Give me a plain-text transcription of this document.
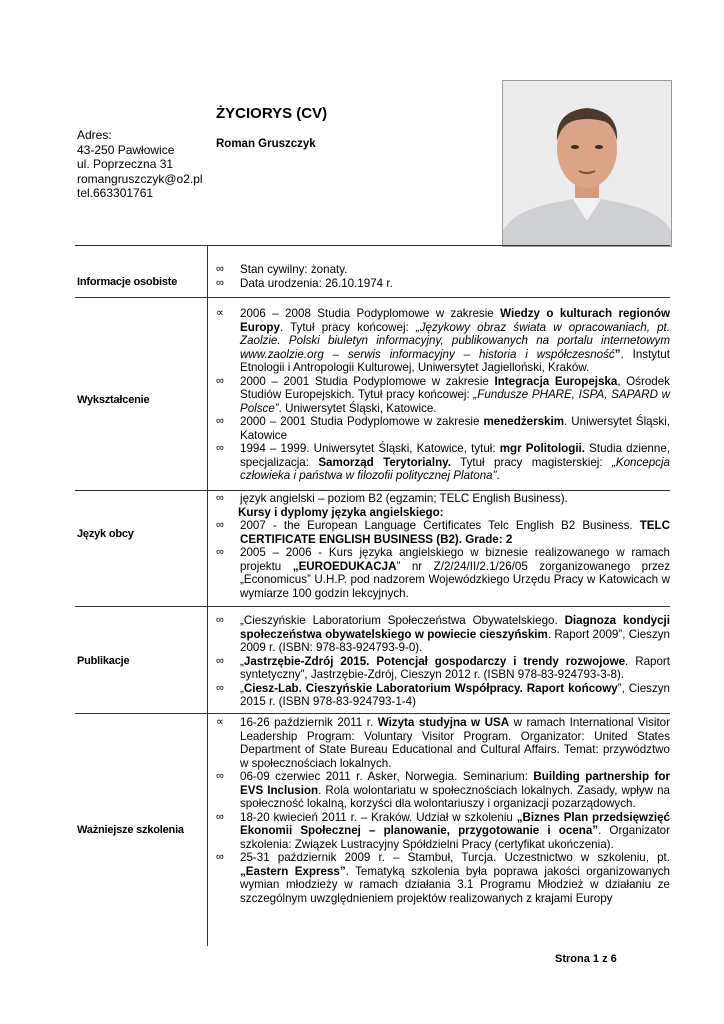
ŻYCIORYS (CV)
Roman Gruszczyk
Adres:
43-250 Pawłowice
ul. Poprzeczna 31
romangruszczyk@o2.pl
tel.663301761
Informacje osobiste
∞	Stan cywilny: żonaty.
∞	Data urodzenia: 26.10.1974 r.
Wykształcenie
∝	2006 – 2008 Studia Podyplomowe w zakresie Wiedzy o kulturach regionów Europy. Tytuł pracy końcowej: „Językowy obraz świata w opracowaniach, pt. Zaolzie. Polski biuletyn informacyjny, publikowanych na portalu internetowym www.zaolzie.org – serwis informacyjny – historia i współczesność”. Instytut Etnologii i Antropologii Kulturowej, Uniwersytet Jagielloński, Kraków.
∞	2000 – 2001 Studia Podyplomowe w zakresie Integracja Europejska, Ośrodek Studiów Europejskich. Tytuł pracy końcowej: „Fundusze PHARE, ISPA, SAPARD w Polsce”. Uniwersytet Śląski, Katowice.
∞	2000 – 2001 Studia Podyplomowe w zakresie menedżerskim. Uniwersytet Śląski, Katowice
∞	1994 – 1999. Uniwersytet Śląski, Katowice, tytuł: mgr Politologii. Studia dzienne, specjalizacja: Samorząd Terytorialny. Tytuł pracy magisterskiej: „Koncepcja człowieka i państwa w filozofii politycznej Platona”.
Język obcy
∞	język angielski – poziom B2 (egzamin; TELC English Business).
Kursy i dyplomy języka angielskiego:
∞	2007 - the European Language Certificates Telc English B2 Business. TELC CERTIFICATE ENGLISH BUSINESS (B2). Grade: 2
∞	2005 – 2006 - Kurs języka angielskiego w biznesie realizowanego w ramach projektu „EUROEDUKACJA” nr Z/2/24/II/2.1/26/05 zorganizowanego przez „Economicus” U.H.P. pod nadzorem Wojewódzkiego Urzędu Pracy w Katowicach w wymiarze 100 godzin lekcyjnych.
Publikacje
∞	„Cieszyńskie Laboratorium Społeczeństwa Obywatelskiego. Diagnoza kondycji społeczeństwa obywatelskiego w powiecie cieszyńskim. Raport 2009”, Cieszyn 2009 r. (ISBN: 978-83-924793-9-0).
∞	„Jastrzębie-Zdrój 2015. Potencjał gospodarczy i trendy rozwojowe. Raport syntetyczny”, Jastrzębie-Zdrój, Cieszyn 2012 r. (ISBN 978-83-924793-3-8).
∞	„Ciesz-Lab. Cieszyńskie Laboratorium Współpracy. Raport końcowy”, Cieszyn 2015 r. (ISBN 978-83-924793-1-4)
Ważniejsze szkolenia
∝	16-26 październik 2011 r. Wizyta studyjna w USA w ramach International Visitor Leadership Program: Voluntary Visitor Program. Organizator: United States Department of State Bureau Educational and Cultural Affairs. Temat: przywództwo w społecznościach lokalnych.
∞	06-09 czerwiec 2011 r. Asker, Norwegia. Seminarium: Building partnership for EVS Inclusion. Rola wolontariatu w społecznościach lokalnych. Zasady, wpływ na społeczność lokalną, korzyści dla wolontariuszy i organizacji pozarządowych.
∞	18-20 kwiecień 2011 r. – Kraków. Udział w szkoleniu „Biznes Plan przedsięwzięć Ekonomii Społecznej – planowanie, przygotowanie i ocena”. Organizator szkolenia: Związek Lustracyjny Spółdzielni Pracy (certyfikat ukończenia).
∞	25-31 październik 2009 r. – Stambuł, Turcja. Uczestnictwo w szkoleniu, pt. „Eastern Express”. Tematyką szkolenia była poprawa jakości organizowanych wymian młodzieży w ramach działania 3.1 Programu Młodzież w działaniu ze szczególnym uwzględnieniem projektów realizowanych z krajami Europy
Strona 1 z 6
